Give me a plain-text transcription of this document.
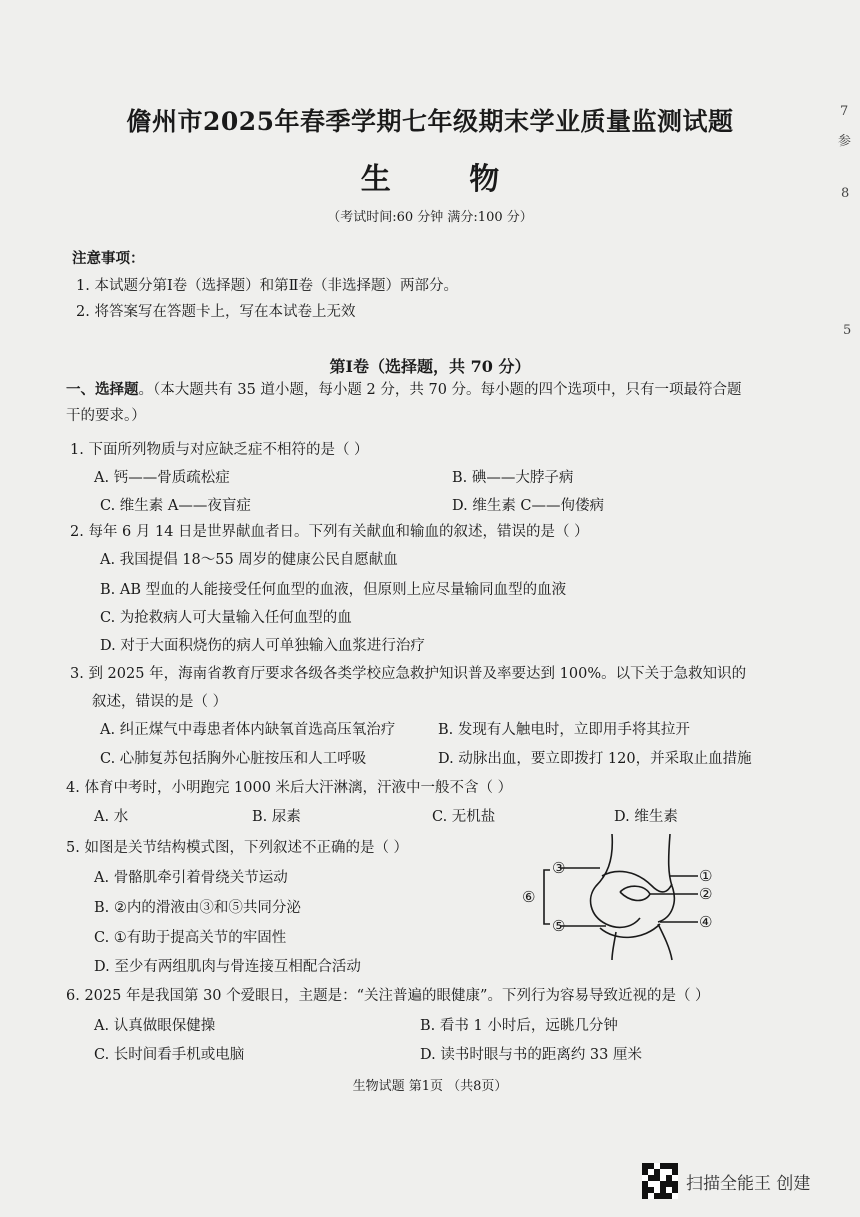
7
参
8
5
儋州市2025年春季学期七年级期末学业质量监测试题
生 物
（考试时间:60 分钟 满分:100 分）
注意事项：
1. 本试题分第Ⅰ卷（选择题）和第Ⅱ卷（非选择题）两部分。
2. 将答案写在答题卡上，写在本试卷上无效
第Ⅰ卷（选择题，共 70 分）
一、选择题。（本大题共有 35 道小题，每小题 2 分，共 70 分。每小题的四个选项中，只有一项最符合题
干的要求。）
1. 下面所列物质与对应缺乏症不相符的是（ ）
A. 钙——骨质疏松症	B. 碘——大脖子病
C. 维生素 A——夜盲症	D. 维生素 C——佝偻病
2. 每年 6 月 14 日是世界献血者日。下列有关献血和输血的叙述，错误的是（ ）
A. 我国提倡 18～55 周岁的健康公民自愿献血
B. AB 型血的人能接受任何血型的血液，但原则上应尽量输同血型的血液
C. 为抢救病人可大量输入任何血型的血
D. 对于大面积烧伤的病人可单独输入血浆进行治疗
3. 到 2025 年，海南省教育厅要求各级各类学校应急救护知识普及率要达到 100%。以下关于急救知识的
叙述，错误的是（ ）
A. 纠正煤气中毒患者体内缺氧首选高压氧治疗	B. 发现有人触电时，立即用手将其拉开
C. 心肺复苏包括胸外心脏按压和人工呼吸	D. 动脉出血，要立即拨打 120，并采取止血措施
4. 体育中考时，小明跑完 1000 米后大汗淋漓，汗液中一般不含（ ）
A. 水	B. 尿素	C. 无机盐	D. 维生素
5. 如图是关节结构模式图，下列叙述不正确的是（ ）
A. 骨骼肌牵引着骨绕关节运动
B. ②内的滑液由③和⑤共同分泌
C. ①有助于提高关节的牢固性
D. 至少有两组肌肉与骨连接互相配合活动
③
⑥
⑤
①
②
④
6. 2025 年是我国第 30 个爱眼日，主题是：“关注普遍的眼健康”。下列行为容易导致近视的是（ ）
A. 认真做眼保健操	B. 看书 1 小时后，远眺几分钟
C. 长时间看手机或电脑	D. 读书时眼与书的距离约 33 厘米
生物试题 第1页 （共8页）
扫描全能王 创建
